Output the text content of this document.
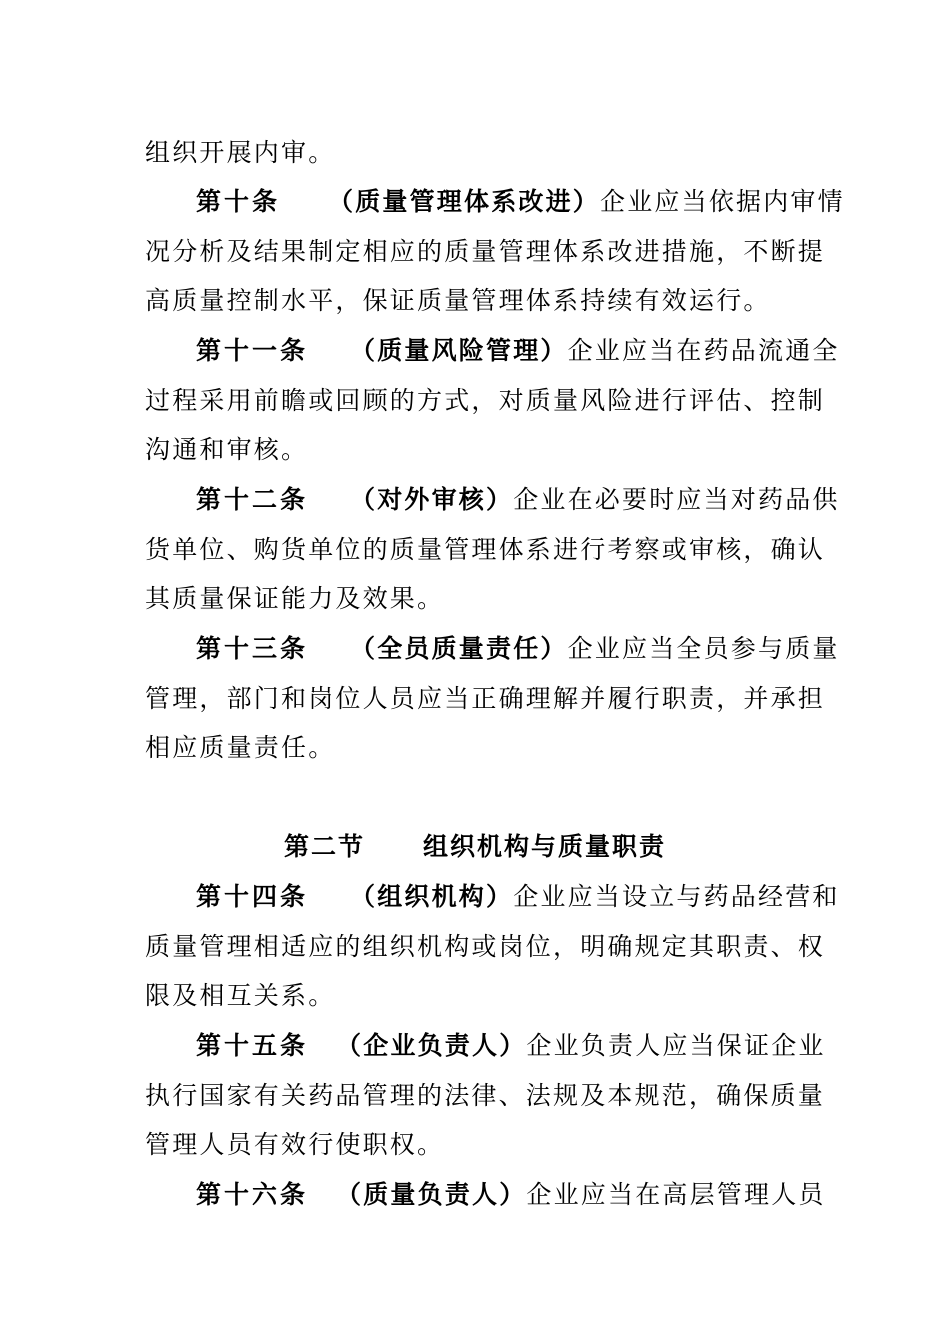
组织开展内审。
第十条 （质量管理体系改进）企业应当依据内审情
况分析及结果制定相应的质量管理体系改进措施，不断提
高质量控制水平，保证质量管理体系持续有效运行。
第十一条 （质量风险管理）企业应当在药品流通全
过程采用前瞻或回顾的方式，对质量风险进行评估、控制
沟通和审核。
第十二条 （对外审核）企业在必要时应当对药品供
货单位、购货单位的质量管理体系进行考察或审核，确认
其质量保证能力及效果。
第十三条 （全员质量责任）企业应当全员参与质量
管理，部门和岗位人员应当正确理解并履行职责，并承担
相应质量责任。
第二节 组织机构与质量职责
第十四条 （组织机构）企业应当设立与药品经营和
质量管理相适应的组织机构或岗位，明确规定其职责、权
限及相互关系。
第十五条 （企业负责人）企业负责人应当保证企业
执行国家有关药品管理的法律、法规及本规范，确保质量
管理人员有效行使职权。
第十六条 （质量负责人）企业应当在高层管理人员
